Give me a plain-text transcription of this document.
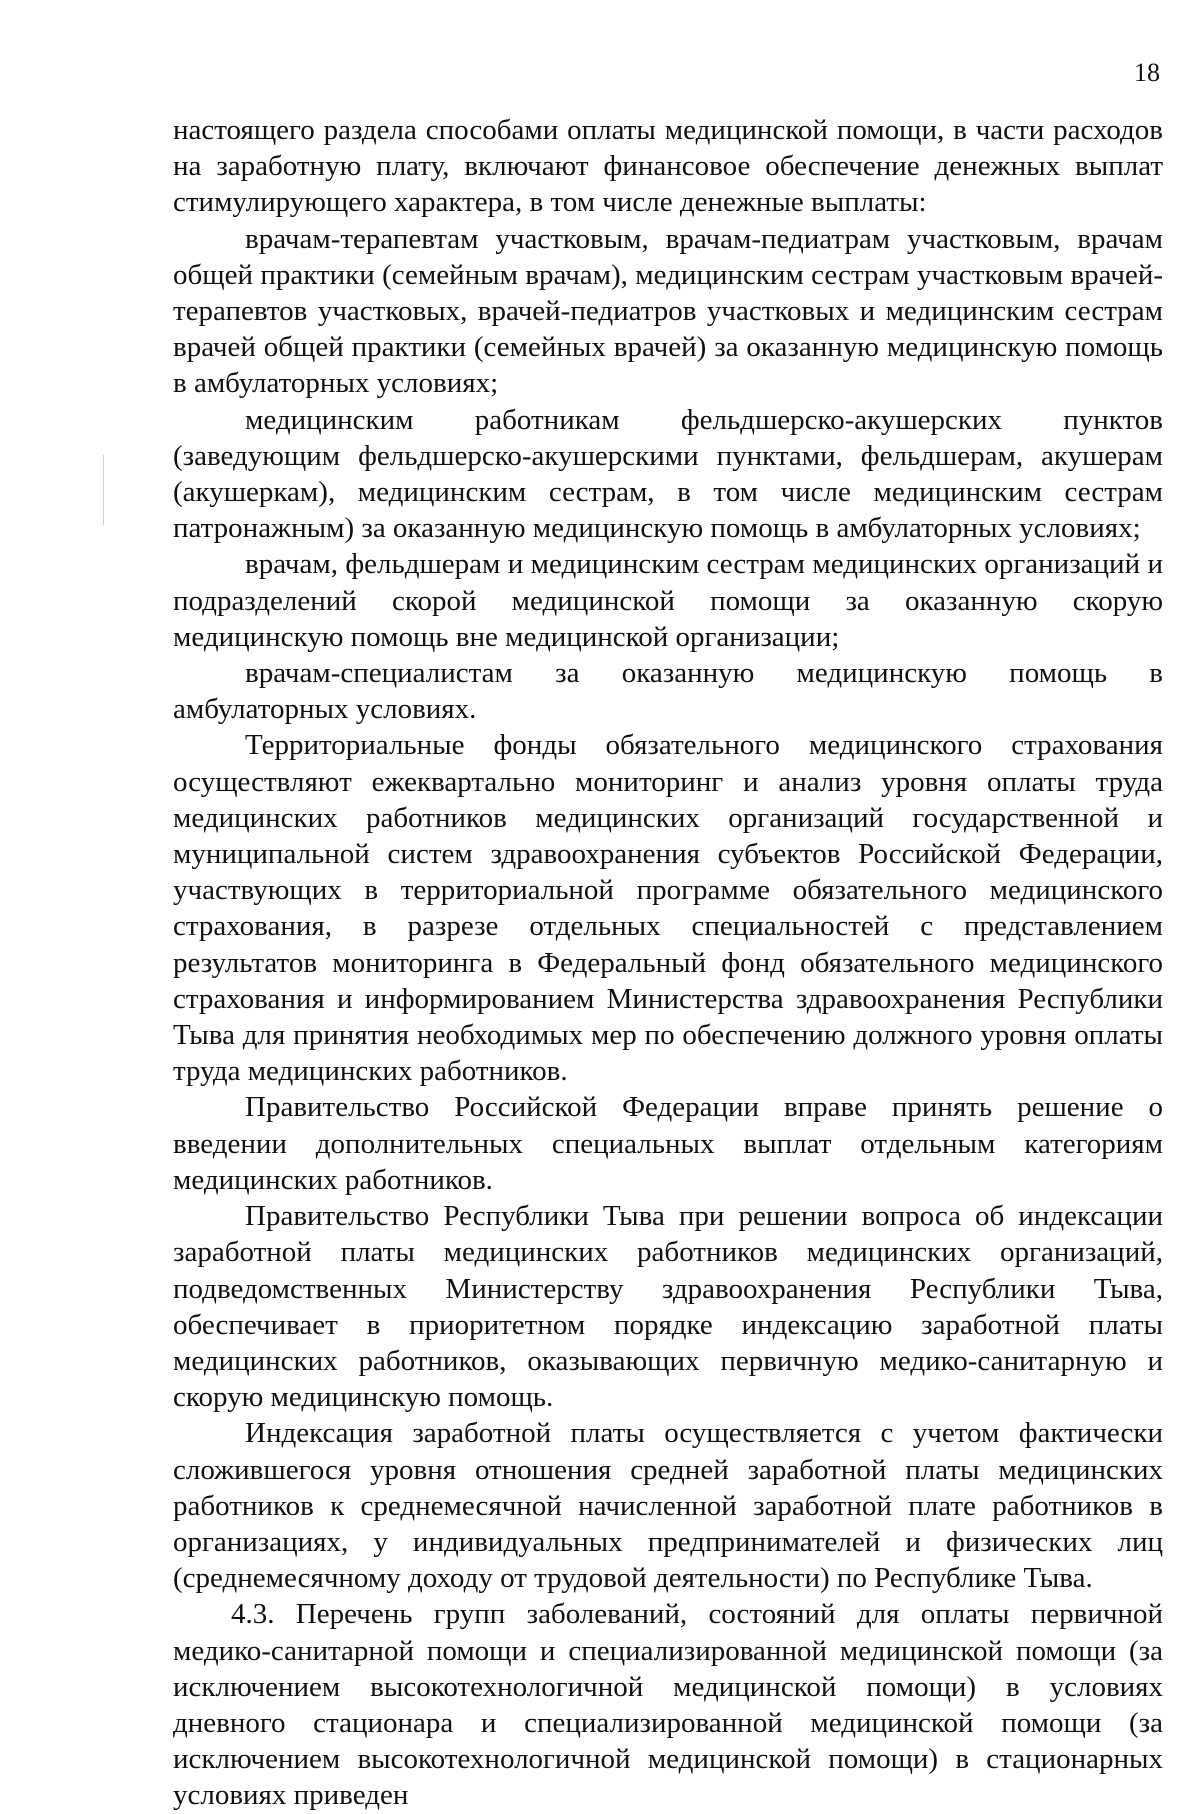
18

настоящего раздела способами оплаты медицинской помощи, в части расходов на заработную плату, включают финансовое обеспечение денежных выплат стимулирующего характера, в том числе денежные выплаты:

врачам-терапевтам участковым, врачам-педиатрам участковым, врачам общей практики (семейным врачам), медицинским сестрам участковым врачей-терапевтов участковых, врачей-педиатров участковых и медицинским сестрам врачей общей практики (семейных врачей) за оказанную медицинскую помощь в амбулаторных условиях;

медицинским работникам фельдшерско-акушерских пунктов (заведующим фельдшерско-акушерскими пунктами, фельдшерам, акушерам (акушеркам), медицинским сестрам, в том числе медицинским сестрам патронажным) за оказанную медицинскую помощь в амбулаторных условиях;

врачам, фельдшерам и медицинским сестрам медицинских организаций и подразделений скорой медицинской помощи за оказанную скорую медицинскую помощь вне медицинской организации;

врачам-специалистам за оказанную медицинскую помощь в амбулаторных условиях.

Территориальные фонды обязательного медицинского страхования осуществляют ежеквартально мониторинг и анализ уровня оплаты труда медицинских работников медицинских организаций государственной и муниципальной систем здравоохранения субъектов Российской Федерации, участвующих в территориальной программе обязательного медицинского страхования, в разрезе отдельных специальностей с представлением результатов мониторинга в Федеральный фонд обязательного медицинского страхования и информированием Министерства здравоохранения Республики Тыва для принятия необходимых мер по обеспечению должного уровня оплаты труда медицинских работников.

Правительство Российской Федерации вправе принять решение о введении дополнительных специальных выплат отдельным категориям медицинских работников.

Правительство Республики Тыва при решении вопроса об индексации заработной платы медицинских работников медицинских организаций, подведомственных Министерству здравоохранения Республики Тыва, обеспечивает в приоритетном порядке индексацию заработной платы медицинских работников, оказывающих первичную медико-санитарную и скорую медицинскую помощь.

Индексация заработной платы осуществляется с учетом фактически сложившегося уровня отношения средней заработной платы медицинских работников к среднемесячной начисленной заработной плате работников в организациях, у индивидуальных предпринимателей и физических лиц (среднемесячному доходу от трудовой деятельности) по Республике Тыва.

4.3. Перечень групп заболеваний, состояний для оплаты первичной медико-санитарной помощи и специализированной медицинской помощи (за исключением высокотехнологичной медицинской помощи) в условиях дневного стационара и специализированной медицинской помощи (за исключением высокотехнологичной медицинской помощи) в стационарных условиях приведен
